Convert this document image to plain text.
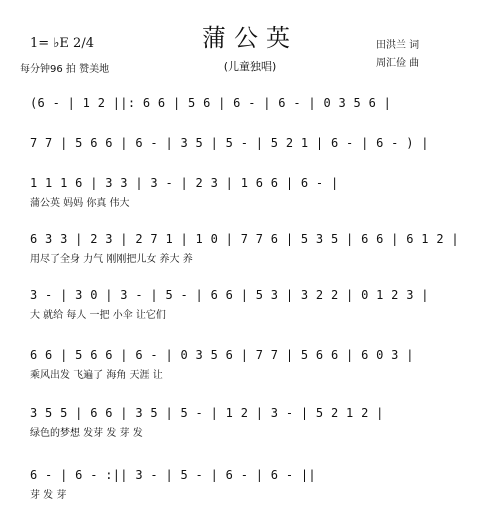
1= ♭E 2/4
每分钟96 拍 赞美地
蒲公英
(儿童独唱)
田洪兰 词
周汇俭 曲
(6 - | 1 2 ||: 6 6 | 5 6 | 6 - | 6 - | 0 3 5 6 |
7 7 | 5 6 6 | 6 - | 3 5 | 5 - | 5 2 1 | 6 - | 6 - ) |
1 1 1 6 | 3 3 | 3 - | 2 3 | 1 6 6 | 6 - |
蒲公英 妈妈 你真 伟大
6 3 3 | 2 3 | 2 7 1 | 1 0 | 7 7 6 | 5 3 5 | 6 6 | 6 1 2 |
用尽了全身 力气 刚刚把儿女 养大 养
3 - | 3 0 | 3 - | 5 - | 6 6 | 5 3 | 3 2 2 | 0 1 2 3 |
大 就给 每人 一把 小伞 让它们
6 6 | 5 6 6 | 6 - | 0 3 5 6 | 7 7 | 5 6 6 | 6 0 3 |
乘风出发 飞遍了 海角 天涯 让
3 5 5 | 6 6 | 3 5 | 5 - | 1 2 | 3 - | 5 2 1 2 |
绿色的梦想 发芽 发 芽 发
6 - | 6 - :|| 3 - | 5 - | 6 - | 6 - ||
芽 发 芽
